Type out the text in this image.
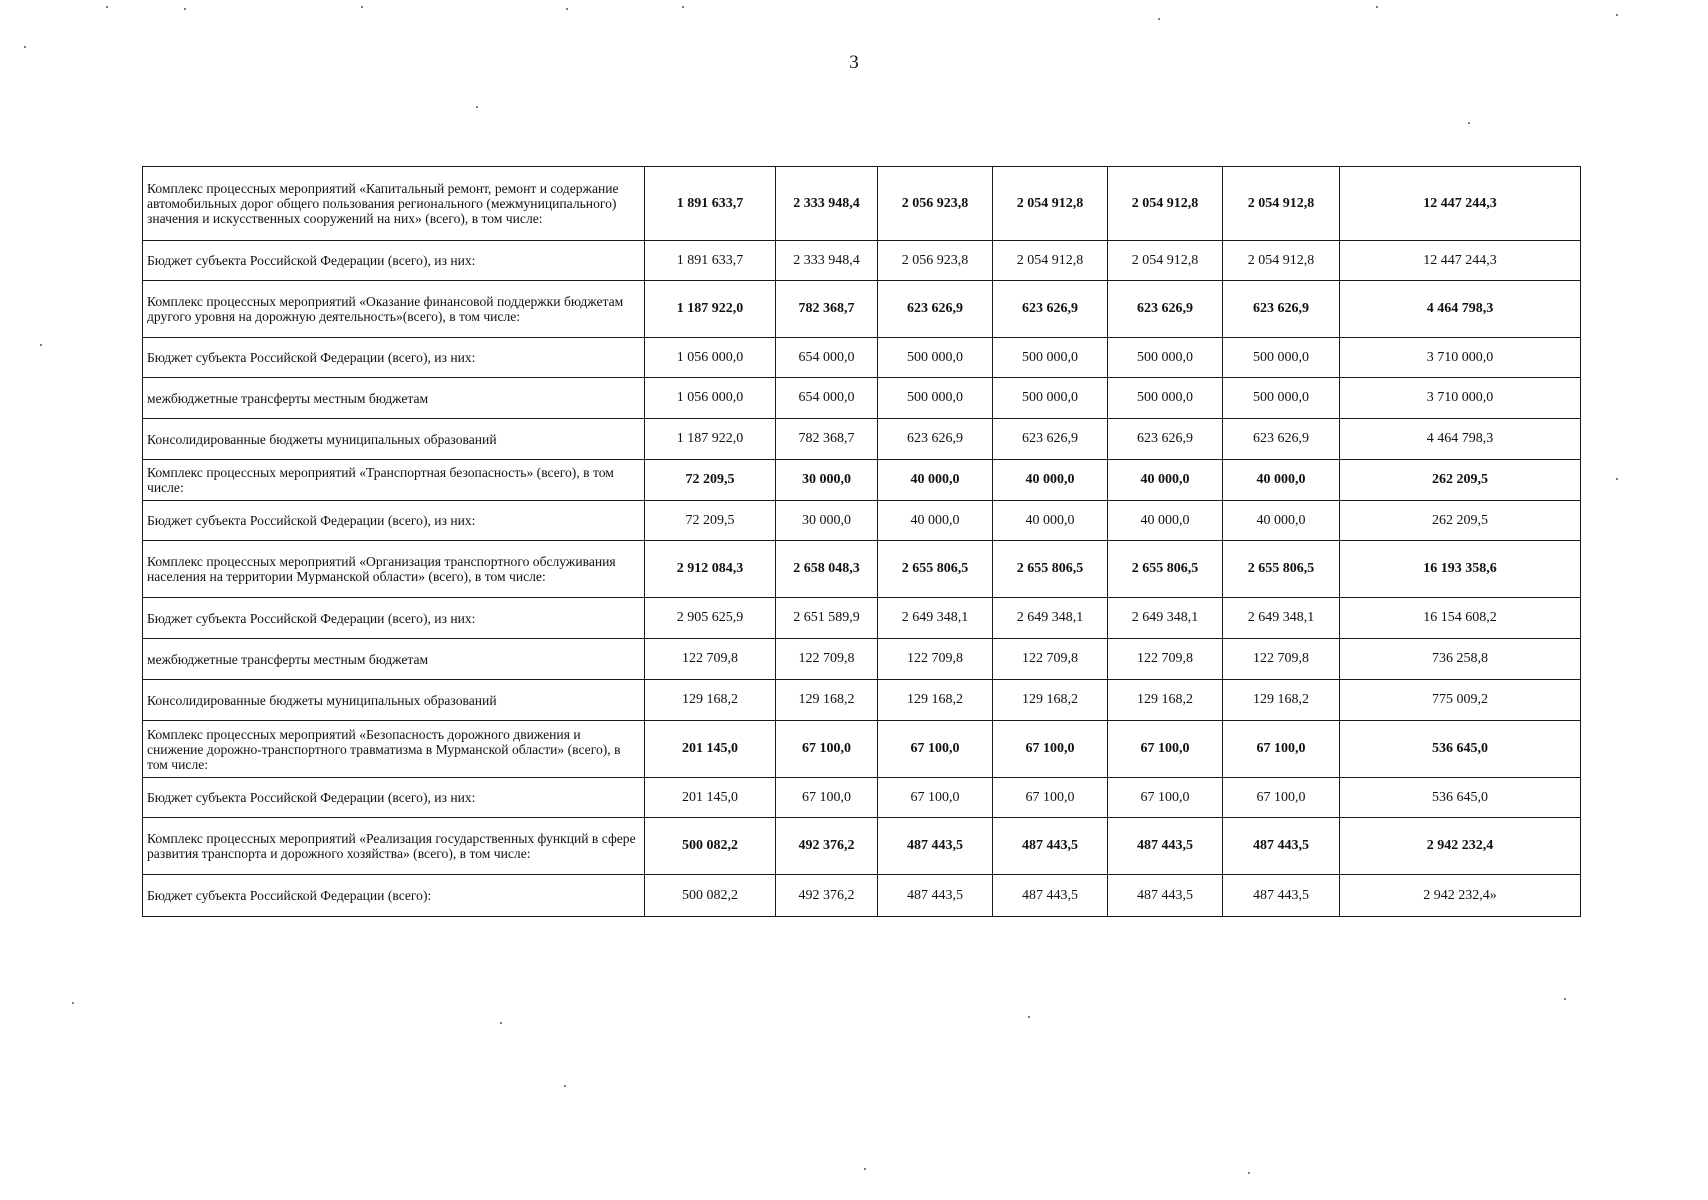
3
Комплекс процессных мероприятий «Капитальный ремонт, ремонт и содержание автомобильных дорог общего пользования регионального (межмуниципального) значения и искусственных сооружений на них» (всего), в том числе:	1 891 633,7	2 333 948,4	2 056 923,8	2 054 912,8	2 054 912,8	2 054 912,8	12 447 244,3
Бюджет субъекта Российской Федерации (всего), из них:	1 891 633,7	2 333 948,4	2 056 923,8	2 054 912,8	2 054 912,8	2 054 912,8	12 447 244,3
Комплекс процессных мероприятий «Оказание финансовой поддержки бюджетам другого уровня на дорожную деятельность»(всего), в том числе:	1 187 922,0	782 368,7	623 626,9	623 626,9	623 626,9	623 626,9	4 464 798,3
Бюджет субъекта Российской Федерации (всего), из них:	1 056 000,0	654 000,0	500 000,0	500 000,0	500 000,0	500 000,0	3 710 000,0
межбюджетные трансферты местным бюджетам	1 056 000,0	654 000,0	500 000,0	500 000,0	500 000,0	500 000,0	3 710 000,0
Консолидированные бюджеты муниципальных образований	1 187 922,0	782 368,7	623 626,9	623 626,9	623 626,9	623 626,9	4 464 798,3
Комплекс процессных мероприятий «Транспортная безопасность» (всего), в том числе:	72 209,5	30 000,0	40 000,0	40 000,0	40 000,0	40 000,0	262 209,5
Бюджет субъекта Российской Федерации (всего), из них:	72 209,5	30 000,0	40 000,0	40 000,0	40 000,0	40 000,0	262 209,5
Комплекс процессных мероприятий «Организация транспортного обслуживания населения на территории Мурманской области» (всего), в том числе:	2 912 084,3	2 658 048,3	2 655 806,5	2 655 806,5	2 655 806,5	2 655 806,5	16 193 358,6
Бюджет субъекта Российской Федерации (всего), из них:	2 905 625,9	2 651 589,9	2 649 348,1	2 649 348,1	2 649 348,1	2 649 348,1	16 154 608,2
межбюджетные трансферты местным бюджетам	122 709,8	122 709,8	122 709,8	122 709,8	122 709,8	122 709,8	736 258,8
Консолидированные бюджеты муниципальных образований	129 168,2	129 168,2	129 168,2	129 168,2	129 168,2	129 168,2	775 009,2
Комплекс процессных мероприятий «Безопасность дорожного движения и снижение дорожно-транспортного травматизма в Мурманской области» (всего), в том числе:	201 145,0	67 100,0	67 100,0	67 100,0	67 100,0	67 100,0	536 645,0
Бюджет субъекта Российской Федерации (всего), из них:	201 145,0	67 100,0	67 100,0	67 100,0	67 100,0	67 100,0	536 645,0
Комплекс процессных мероприятий «Реализация государственных функций в сфере развития транспорта и дорожного хозяйства» (всего), в том числе:	500 082,2	492 376,2	487 443,5	487 443,5	487 443,5	487 443,5	2 942 232,4
Бюджет субъекта Российской Федерации (всего):	500 082,2	492 376,2	487 443,5	487 443,5	487 443,5	487 443,5	2 942 232,4»
